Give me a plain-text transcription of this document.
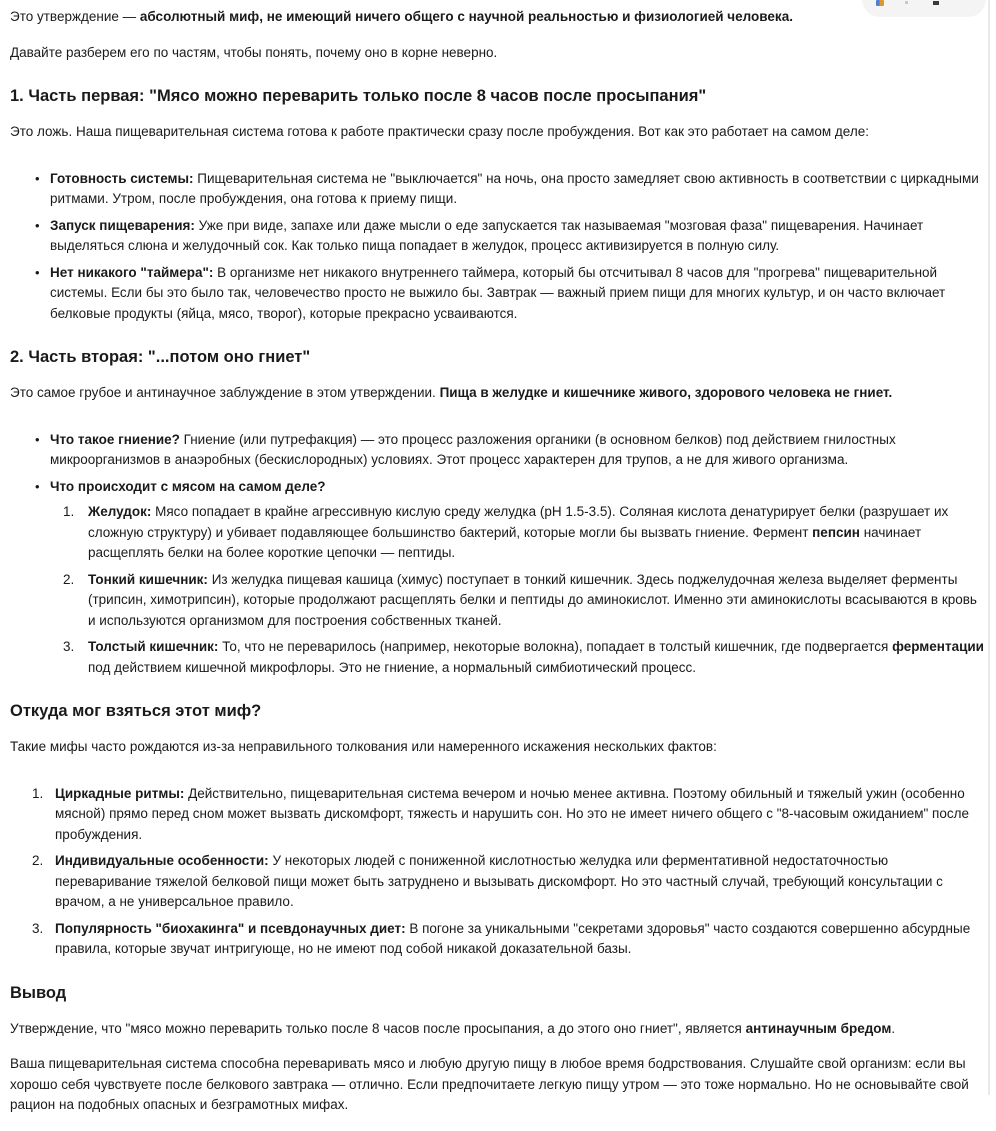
Это утверждение — абсолютный миф, не имеющий ничего общего с научной реальностью и физиологией человека.

Давайте разберем его по частям, чтобы понять, почему оно в корне неверно.

1. Часть первая: "Мясо можно переварить только после 8 часов после просыпания"

Это ложь. Наша пищеварительная система готова к работе практически сразу после пробуждения. Вот как это работает на самом деле:

• Готовность системы: Пищеварительная система не "выключается" на ночь, она просто замедляет свою активность в соответствии с циркадными ритмами. Утром, после пробуждения, она готова к приему пищи.
• Запуск пищеварения: Уже при виде, запахе или даже мысли о еде запускается так называемая "мозговая фаза" пищеварения. Начинает выделяться слюна и желудочный сок. Как только пища попадает в желудок, процесс активизируется в полную силу.
• Нет никакого "таймера": В организме нет никакого внутреннего таймера, который бы отсчитывал 8 часов для "прогрева" пищеварительной системы. Если бы это было так, человечество просто не выжило бы. Завтрак — важный прием пищи для многих культур, и он часто включает белковые продукты (яйца, мясо, творог), которые прекрасно усваиваются.
2. Часть вторая: "...потом оно гниет"

Это самое грубое и антинаучное заблуждение в этом утверждении. Пища в желудке и кишечнике живого, здорового человека не гниет.

• Что такое гниение? Гниение (или путрефакция) — это процесс разложения органики (в основном белков) под действием гнилостных микроорганизмов в анаэробных (бескислородных) условиях. Этот процесс характерен для трупов, а не для живого организма.
• Что происходит с мясом на самом деле?
Желудок: Мясо попадает в крайне агрессивную кислую среду желудка (pH 1.5-3.5). Соляная кислота денатурирует белки (разрушает их сложную структуру) и убивает подавляющее большинство бактерий, которые могли бы вызвать гниение. Фермент пепсин начинает расщеплять белки на более короткие цепочки — пептиды.
Тонкий кишечник: Из желудка пищевая кашица (химус) поступает в тонкий кишечник. Здесь поджелудочная железа выделяет ферменты (трипсин, химотрипсин), которые продолжают расщеплять белки и пептиды до аминокислот. Именно эти аминокислоты всасываются в кровь и используются организмом для построения собственных тканей.
Толстый кишечник: То, что не переварилось (например, некоторые волокна), попадает в толстый кишечник, где подвергается ферментации под действием кишечной микрофлоры. Это не гниение, а нормальный симбиотический процесс.
Откуда мог взяться этот миф?

Такие мифы часто рождаются из-за неправильного толкования или намеренного искажения нескольких фактов:

Циркадные ритмы: Действительно, пищеварительная система вечером и ночью менее активна. Поэтому обильный и тяжелый ужин (особенно мясной) прямо перед сном может вызвать дискомфорт, тяжесть и нарушить сон. Но это не имеет ничего общего с "8-часовым ожиданием" после пробуждения.
Индивидуальные особенности: У некоторых людей с пониженной кислотностью желудка или ферментативной недостаточностью переваривание тяжелой белковой пищи может быть затруднено и вызывать дискомфорт. Но это частный случай, требующий консультации с врачом, а не универсальное правило.
Популярность "биохакинга" и псевдонаучных диет: В погоне за уникальными "секретами здоровья" часто создаются совершенно абсурдные правила, которые звучат интригующе, но не имеют под собой никакой доказательной базы.
Вывод

Утверждение, что "мясо можно переварить только после 8 часов после просыпания, а до этого оно гниет", является антинаучным бредом.

Ваша пищеварительная система способна переваривать мясо и любую другую пищу в любое время бодрствования. Слушайте свой организм: если вы хорошо себя чувствуете после белкового завтрака — отлично. Если предпочитаете легкую пищу утром — это тоже нормально. Но не основывайте свой рацион на подобных опасных и безграмотных мифах.
